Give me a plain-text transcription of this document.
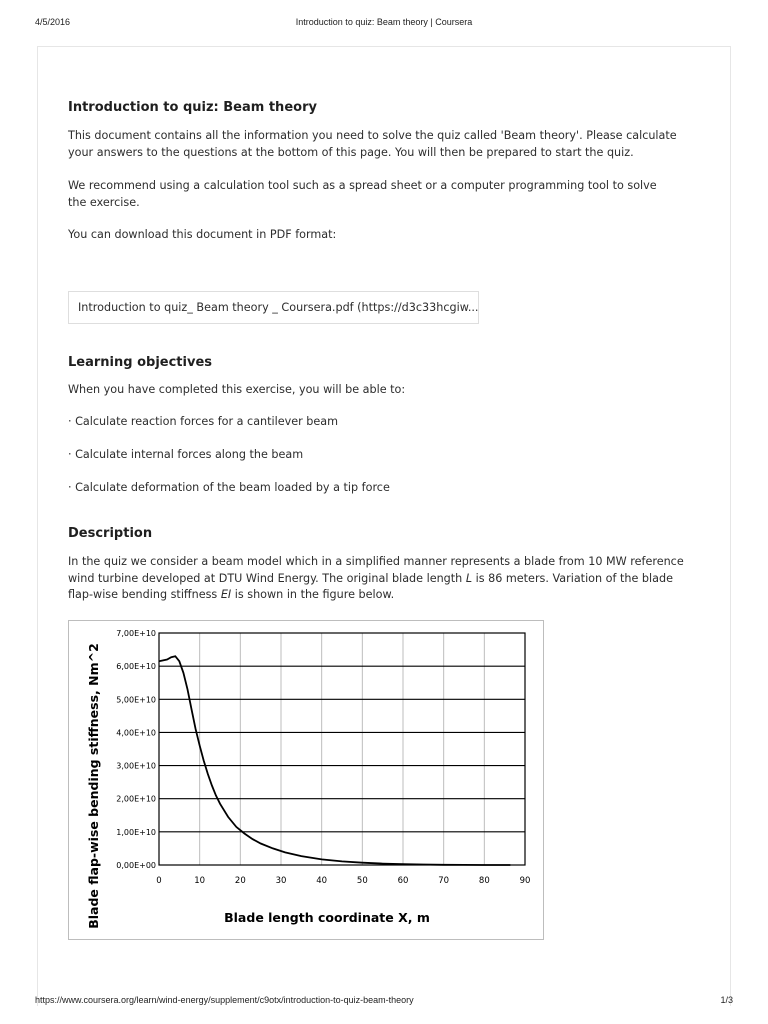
4/5/2016	Introduction to quiz: Beam theory | Coursera
Introduction to quiz: Beam theory

This document contains all the information you need to solve the quiz called 'Beam theory'. Please calculate your answers to the questions at the bottom of this page. You will then be prepared to start the quiz.

We recommend using a calculation tool such as a spread sheet or a computer programming tool to solve the exercise.

You can download this document in PDF format:

Introduction to quiz_ Beam theory _ Coursera.pdf (https://d3c33hcgiw...
Learning objectives

When you have completed this exercise, you will be able to:

· Calculate reaction forces for a cantilever beam
· Calculate internal forces along the beam
· Calculate deformation of the beam loaded by a tip force
Description

In the quiz we consider a beam model which in a simplified manner represents a blade from 10 MW reference wind turbine developed at DTU Wind Energy. The original blade length L is 86 meters. Variation of the blade flap-wise bending stiffness EI is shown in the figure below.

0	10	20	30	40	50	60	70	80	90
0,00E+00
1,00E+10
2,00E+10
3,00E+10
4,00E+10
5,00E+10
6,00E+10
7,00E+10
Blade length coordinate X, m
Blade flap-wise bending stiffness, Nm^2
https://www.coursera.org/learn/wind-energy/supplement/c9otx/introduction-to-quiz-beam-theory	1/3
